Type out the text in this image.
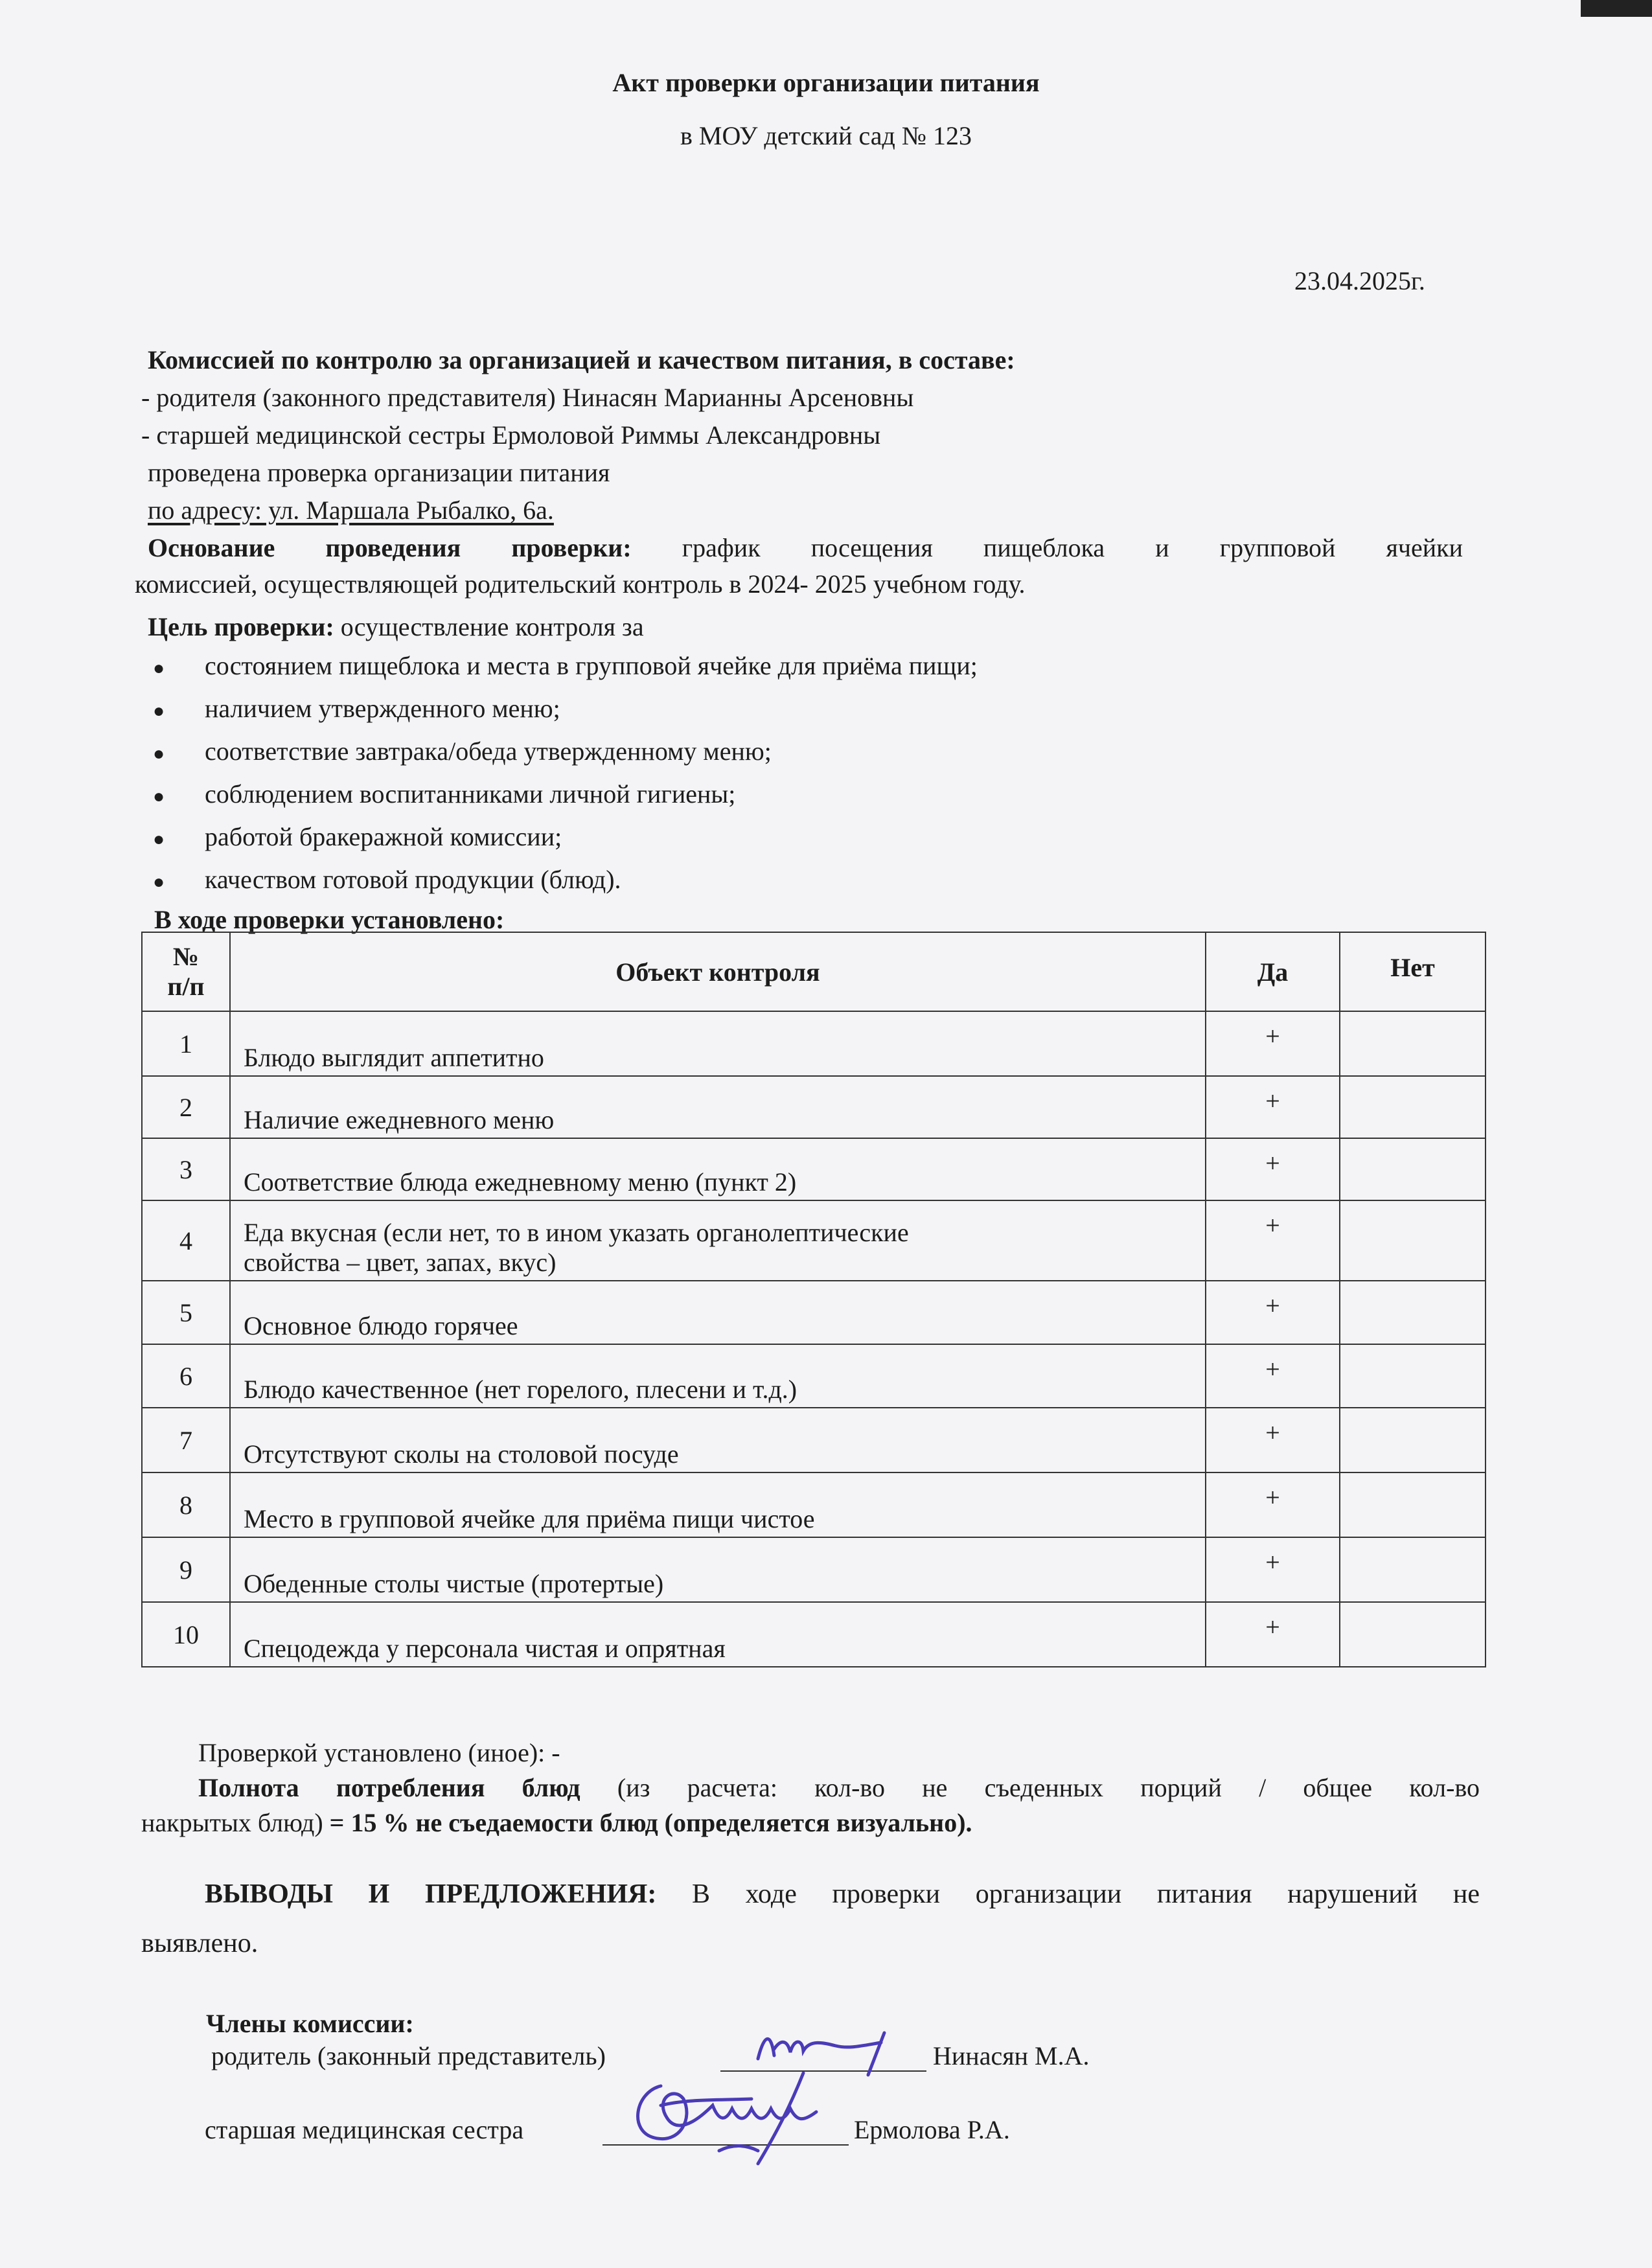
Акт проверки организации питания
в МОУ детский сад № 123
23.04.2025г.
Комиссией по контролю за организацией и качеством питания, в составе:
- родителя (законного представителя) Нинасян Марианны Арсеновны
- старшей медицинской сестры Ермоловой Риммы Александровны
проведена проверка организации питания
по адресу: ул. Маршала Рыбалко, 6а.
Основание проведения проверки: график посещения пищеблока и групповой ячейки
комиссией, осуществляющей родительский контроль в 2024- 2025 учебном году.
Цель проверки: осуществление контроля за
● состоянием пищеблока и места в групповой ячейке для приёма пищи;
● наличием утвержденного меню;
● соответствие завтрака/обеда утвержденному меню;
● соблюдением воспитанниками личной гигиены;
● работой бракеражной комиссии;
● качеством готовой продукции (блюд).
В ходе проверки установлено:
№
п/п	Объект контроля	Да	Нет
1	Блюдо выглядит аппетитно	+	

2	Наличие ежедневного меню	+	

3	Соответствие блюда ежедневному меню (пункт 2)	+	

4	Еда вкусная (если нет, то в ином указать органолептические
свойства – цвет, запах, вкус)	+	

5	Основное блюдо горячее	+	

6	Блюдо качественное (нет горелого, плесени и т.д.)	+	

7	Отсутствуют сколы на столовой посуде	+	

8	Место в групповой ячейке для приёма пищи чистое	+	

9	Обеденные столы чистые (протертые)	+	

10	Спецодежда у персонала чистая и опрятная	+	

Проверкой установлено (иное): -
Полнота потребления блюд (из расчета: кол-во не съеденных порций / общее кол-во
накрытых блюд) = 15 % не съедаемости блюд (определяется визуально).
ВЫВОДЫ И ПРЕДЛОЖЕНИЯ: В ходе проверки организации питания нарушений не
выявлено.
Члены комиссии:
родитель (законный представитель)	Нинасян М.А.
старшая медицинская сестра	Ермолова Р.А.
